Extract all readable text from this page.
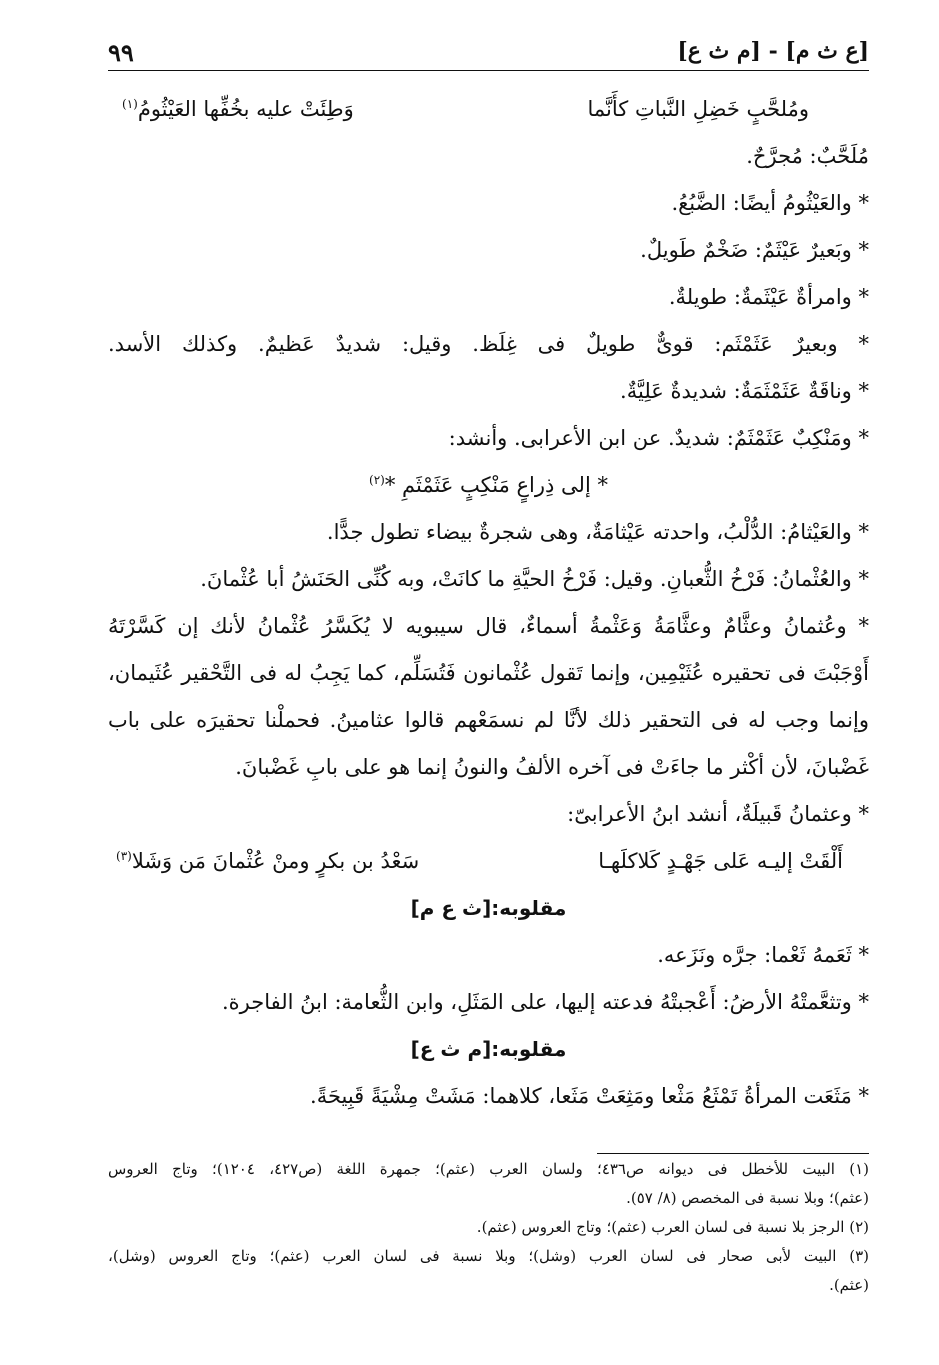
[ع ث م] - [م ث ع]
٩٩
ومُلحَّبٍ خَضِلِ النَّباتِ كأَنَّما
وَطِئَتْ عليه بخُفِّها العَيْثُومُ$^{(١)}$
مُلَحَّبٌ: مُجرَّحٌ.
* والعَيْثُومُ أيضًا: الضَّبُعُ.
* وبَعيرٌ عَيْثَمٌ: ضَخْمٌ طَويلٌ.
* وامرأةٌ عَيْثَمةٌ: طويلةٌ.
* وبعيرٌ عَثَمْثَم: قوىٌّ طويلٌ فى غِلَظ. وقيل: شديدٌ عَظيمٌ. وكذلك الأسد.
* وناقَةٌ عَثَمْثَمَةٌ: شديدةٌ عَلِيَّةٌ.
* ومَنْكِبٌ عَثَمْثَمٌ: شديدٌ. عن ابن الأعرابى. وأنشد:
* إلى ذِراعٍ مَنْكِبٍ عَثَمْثَمِ *$^{(٢)}$
* والعَيْثامُ: الدُّلْبُ، واحدته عَيْثامَةٌ، وهى شجرةٌ بيضاء تطول جدًّا.
* والعُثْمانُ: فَرْخُ الثُّعبانِ. وقيل: فَرْخُ الحيَّةِ ما كانَتْ، وبه كُنِّى الحَنَشُ أبا عُثْمانَ.
* وعُثمانُ وعثَّامٌ وعثَّامَةُ وَعَثْمةُ أسماءٌ، قال سيبويه لا يُكَسَّرُ عُثْمانُ لأنك إن كَسَّرْتَهُ
أَوْجَبْتَ فى تحقيره عُثَيْمِين، وإنما تَقول عُثْمانون فَتُسَلِّم، كما يَجِبُ له فى التَّحْقير عُثَيمان،
وإنما وجب له فى التحقير ذلك لأنَّا لم نسمَعْهم قالوا عثامينُ. فحملْنا تحقيرَه على باب
غَضْبانَ، لأن أكْثر ما جاءَتْ فى آخره الألفُ والنونُ إنما هو على بابِ غَضْبانَ.
* وعثمانُ قَبيلَةٌ، أنشد ابنُ الأعرابىّ:
أَلْقَتْ إليـه عَلى جَهْـدٍ كَلاكلَهـا
سَعْدُ بن بكرٍ ومنْ عُثْمانَ مَن وَشَلا$^{(٣)}$
مقلوبه:[ث ع م]
* ثَعَمهُ ثَعْما: جرَّه ونَزَعه.
* وتثعَّمتْهُ الأرضُ: أَعْجبتْهُ فدعته إليها، على المَثَلِ، وابن الثُّعامة: ابنُ الفاجرة.
مقلوبه:[م ث ع]
* مَثَعَت المرأةُ تَمْثَعُ مَثْعا ومَثِعَتْ مَثَعا، كلاهما: مَشَتْ مِشْيَةً قَبِيحَةً.
(١) البيت للأخطل فى ديوانه ص٤٣٦؛ ولسان العرب (عثم)؛ جمهرة اللغة (ص٤٢٧، ١٢٠٤)؛ وتاج العروس
(عثم)؛ وبلا نسبة فى المخصص (٨/ ٥٧).
(٢) الرجز بلا نسبة فى لسان العرب (عثم)؛ وتاج العروس (عثم).
(٣) البيت لأبى صحار فى لسان العرب (وشل)؛ وبلا نسبة فى لسان العرب (عثم)؛ وتاج العروس (وشل)،
(عثم).
